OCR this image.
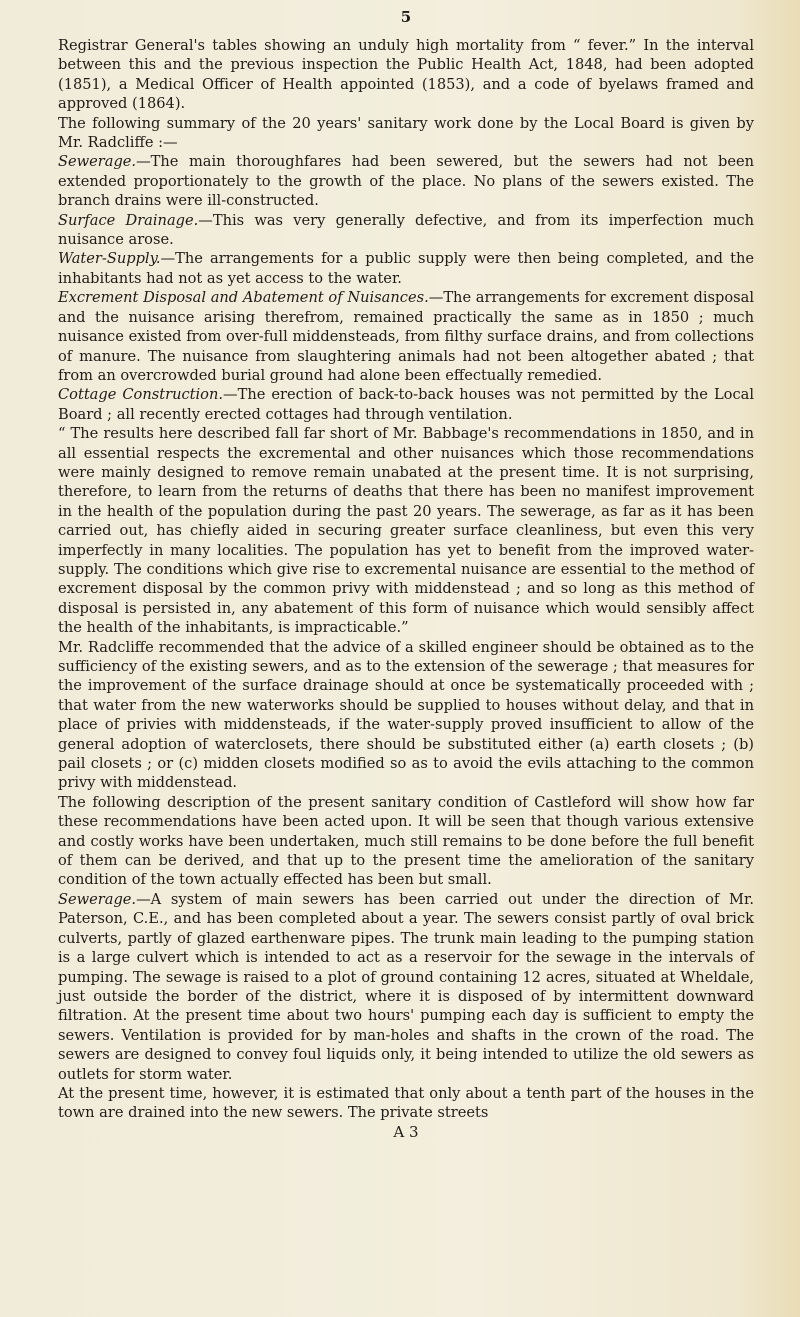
5

Registrar General's tables showing an unduly high mortality from “ fever.” In the interval between this and the previous inspection the Public Health Act, 1848, had been adopted (1851), a Medical Officer of Health appointed (1853), and a code of byelaws framed and approved (1864).

The following summary of the 20 years' sanitary work done by the Local Board is given by Mr. Radcliffe :—

Sewerage.—The main thoroughfares had been sewered, but the sewers had not been extended proportionately to the growth of the place. No plans of the sewers existed. The branch drains were ill-constructed.

Surface Drainage.—This was very generally defective, and from its imperfection much nuisance arose.

Water-Supply.—The arrangements for a public supply were then being completed, and the inhabitants had not as yet access to the water.

Excrement Disposal and Abatement of Nuisances.—The arrangements for excrement disposal and the nuisance arising therefrom, remained practically the same as in 1850 ; much nuisance existed from over-full middensteads, from filthy surface drains, and from collections of manure. The nuisance from slaughtering animals had not been altogether abated ; that from an overcrowded burial ground had alone been effectually remedied.

Cottage Construction.—The erection of back-to-back houses was not permitted by the Local Board ; all recently erected cottages had through ventilation.

“ The results here described fall far short of Mr. Babbage's recommendations in 1850, and in all essential respects the excremental and other nuisances which those recommendations were mainly designed to remove remain unabated at the present time. It is not surprising, therefore, to learn from the returns of deaths that there has been no manifest improvement in the health of the population during the past 20 years. The sewerage, as far as it has been carried out, has chiefly aided in securing greater surface cleanliness, but even this very imperfectly in many localities. The population has yet to benefit from the improved water-supply. The conditions which give rise to excremental nuisance are essential to the method of excrement disposal by the common privy with middenstead ; and so long as this method of disposal is persisted in, any abatement of this form of nuisance which would sensibly affect the health of the inhabitants, is impracticable.”

Mr. Radcliffe recommended that the advice of a skilled engineer should be obtained as to the sufficiency of the existing sewers, and as to the extension of the sewerage ; that measures for the improvement of the surface drainage should at once be systematically proceeded with ; that water from the new waterworks should be supplied to houses without delay, and that in place of privies with middensteads, if the water-supply proved insufficient to allow of the general adoption of waterclosets, there should be substituted either (a) earth closets ; (b) pail closets ; or (c) midden closets modified so as to avoid the evils attaching to the common privy with middenstead.

The following description of the present sanitary condition of Castleford will show how far these recommendations have been acted upon. It will be seen that though various extensive and costly works have been undertaken, much still remains to be done before the full benefit of them can be derived, and that up to the present time the amelioration of the sanitary condition of the town actually effected has been but small.

Sewerage.—A system of main sewers has been carried out under the direction of Mr. Paterson, C.E., and has been completed about a year. The sewers consist partly of oval brick culverts, partly of glazed earthenware pipes. The trunk main leading to the pumping station is a large culvert which is intended to act as a reservoir for the sewage in the intervals of pumping. The sewage is raised to a plot of ground containing 12 acres, situated at Wheldale, just outside the border of the district, where it is disposed of by intermittent downward filtration. At the present time about two hours' pumping each day is sufficient to empty the sewers. Ventilation is provided for by man-holes and shafts in the crown of the road. The sewers are designed to convey foul liquids only, it being intended to utilize the old sewers as outlets for storm water.

At the present time, however, it is estimated that only about a tenth part of the houses in the town are drained into the new sewers. The private streets

A 3
